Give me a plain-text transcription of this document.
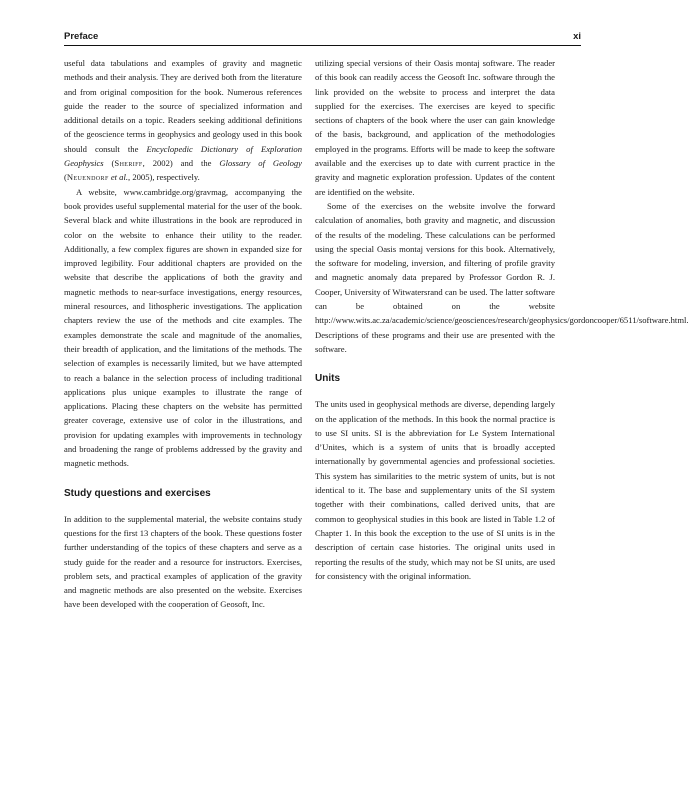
Preface	xi

useful data tabulations and examples of gravity and magnetic methods and their analysis. They are derived both from the literature and from original composition for the book. Numerous references guide the reader to the source of specialized information and additional details on a topic. Readers seeking additional definitions of the geoscience terms in geophysics and geology used in this book should consult the Encyclopedic Dictionary of Exploration Geophysics (Sheriff, 2002) and the Glossary of Geology (Neuendorf et al., 2005), respectively.

A website, www.cambridge.org/gravmag, accompanying the book provides useful supplemental material for the user of the book. Several black and white illustrations in the book are reproduced in color on the website to enhance their utility to the reader. Additionally, a few complex figures are shown in expanded size for improved legibility. Four additional chapters are provided on the website that describe the applications of both the gravity and magnetic methods to near-surface investigations, energy resources, mineral resources, and lithospheric investigations. The application chapters review the use of the methods and cite examples. The examples demonstrate the scale and magnitude of the anomalies, their breadth of application, and the limitations of the methods. The selection of examples is necessarily limited, but we have attempted to reach a balance in the selection process of including traditional applications plus unique examples to illustrate the range of applications. Placing these chapters on the website has permitted greater coverage, extensive use of color in the illustrations, and provision for updating examples with improvements in technology and broadening the range of problems addressed by the gravity and magnetic methods.

Study questions and exercises

In addition to the supplemental material, the website contains study questions for the first 13 chapters of the book. These questions foster further understanding of the topics of these chapters and serve as a study guide for the reader and a resource for instructors. Exercises, problem sets, and practical examples of application of the gravity and magnetic methods are also presented on the website. Exercises have been developed with the cooperation of Geosoft, Inc.

utilizing special versions of their Oasis montaj software. The reader of this book can readily access the Geosoft Inc. software through the link provided on the website to process and interpret the data supplied for the exercises. The exercises are keyed to specific sections of chapters of the book where the user can gain knowledge of the basis, background, and application of the methodologies employed in the programs. Efforts will be made to keep the software available and the exercises up to date with current practice in the gravity and magnetic exploration profession. Updates of the content are identified on the website.

Some of the exercises on the website involve the forward calculation of anomalies, both gravity and magnetic, and discussion of the results of the modeling. These calculations can be performed using the special Oasis montaj versions for this book. Alternatively, the software for modeling, inversion, and filtering of profile gravity and magnetic anomaly data prepared by Professor Gordon R. J. Cooper, University of Witwatersrand can be used. The latter software can be obtained on the website http://www.wits.ac.za/academic/science/geosciences/research/geophysics/gordoncooper/6511/software.html. Descriptions of these programs and their use are presented with the software.

Units

The units used in geophysical methods are diverse, depending largely on the application of the methods. In this book the normal practice is to use SI units. SI is the abbreviation for Le System International d’Unites, which is a system of units that is broadly accepted internationally by governmental agencies and professional societies. This system has similarities to the metric system of units, but is not identical to it. The base and supplementary units of the SI system together with their combinations, called derived units, that are common to geophysical studies in this book are listed in Table 1.2 of Chapter 1. In this book the exception to the use of SI units is in the description of certain case histories. The original units used in reporting the results of the study, which may not be SI units, are used for consistency with the original information.
